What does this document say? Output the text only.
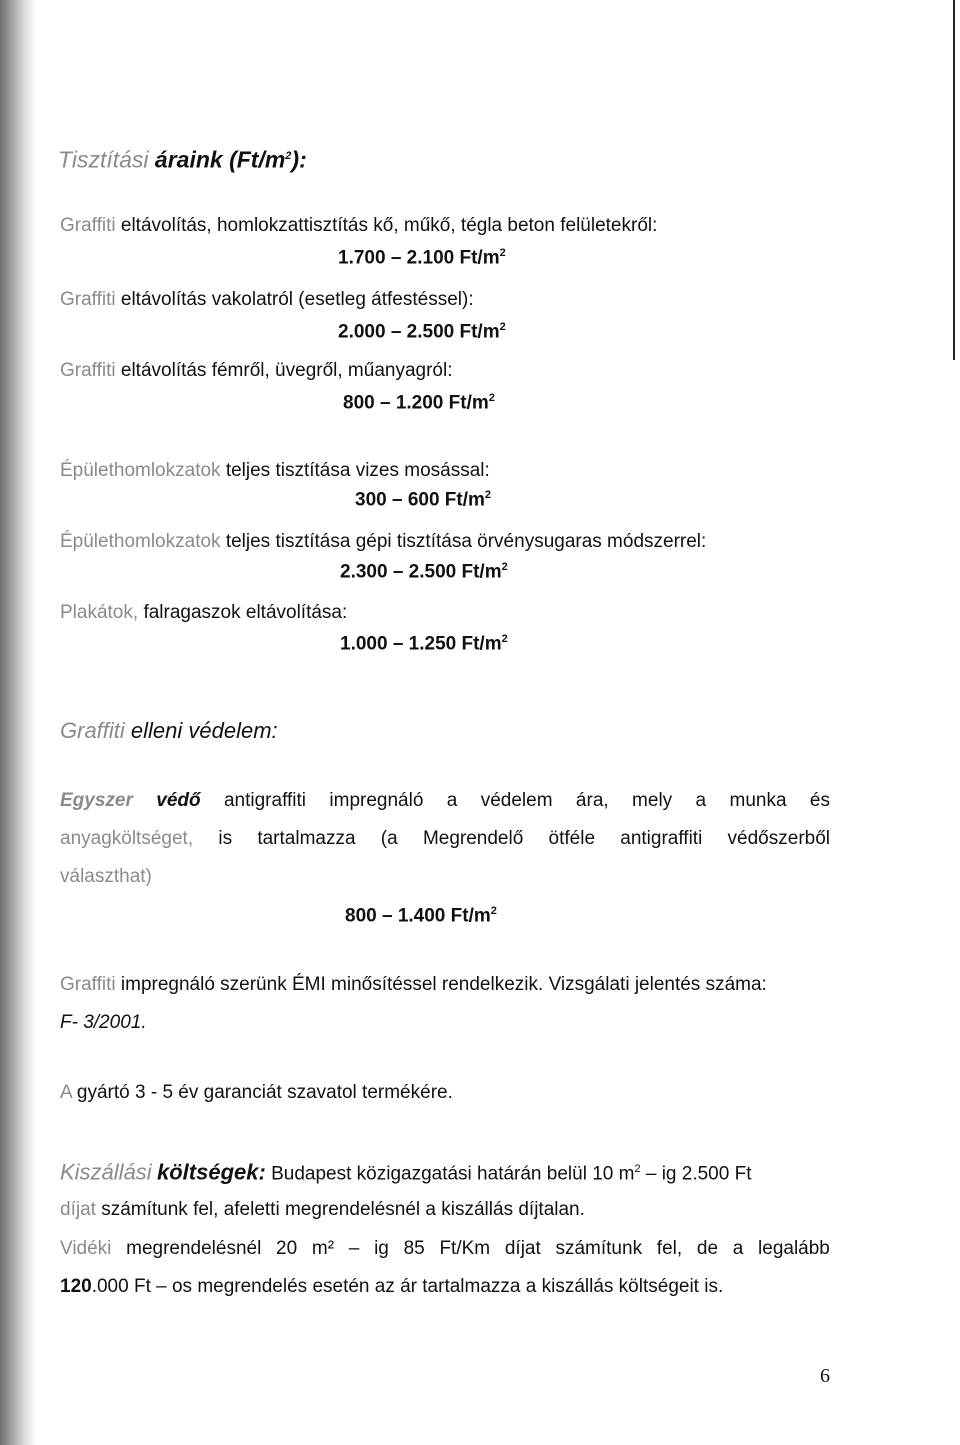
Tisztítási áraink $(Ft/m^2)$:
Graffiti eltávolítás, homlokzattisztítás kő, műkő, tégla beton felületekről:
1.700 – 2.100 $Ft/m^2$
Graffiti eltávolítás vakolatról (esetleg átfestéssel):
2.000 – 2.500 $Ft/m^2$
Graffiti eltávolítás fémről, üvegről, műanyagról:
800 – 1.200 $Ft/m^2$
Épülethomlokzatok teljes tisztítása vizes mosással:
300 – 600 $Ft/m^2$
Épülethomlokzatok teljes tisztítása gépi tisztítása örvénysugaras módszerrel:
2.300 – 2.500 $Ft/m^2$
Plakátok, falragaszok eltávolítása:
1.000 – 1.250 $Ft/m^2$
Graffiti elleni védelem:
Egyszer védő antigraffiti impregnáló a védelem ára, mely a munka és
anyagköltséget, is tartalmazza (a Megrendelő ötféle antigraffiti védőszerből
választhat)
800 – 1.400 $Ft/m^2$
Graffiti impregnáló szerünk ÉMI minősítéssel rendelkezik. Vizsgálati jelentés száma:
F- 3/2001.
A gyártó 3 - 5 év garanciát szavatol termékére.
Kiszállási költségek: Budapest közigazgatási határán belül 10 $m^2$ – ig 2.500 Ft
díjat számítunk fel, afeletti megrendelésnél a kiszállás díjtalan.
Vidéki megrendelésnél 20 m² – ig 85 Ft/Km díjat számítunk fel, de a legalább
120.000 Ft – os megrendelés esetén az ár tartalmazza a kiszállás költségeit is.
6
